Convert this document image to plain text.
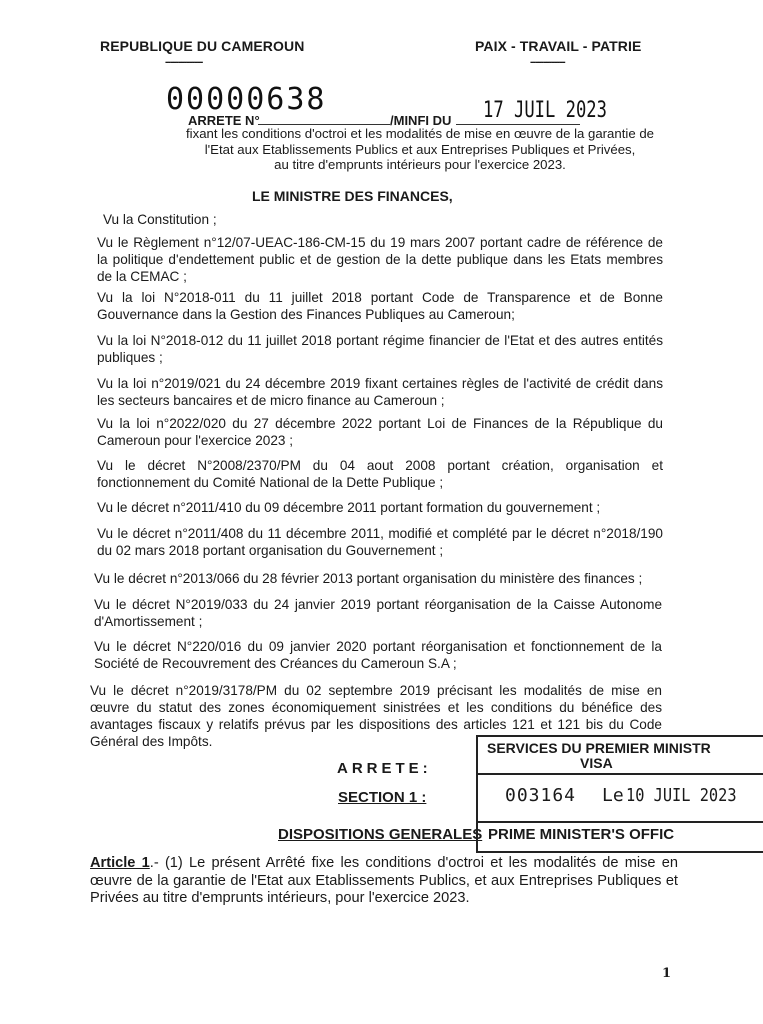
REPUBLIQUE DU CAMEROUN
--------------
PAIX - TRAVAIL - PATRIE
-------------
00000638
ARRETE N°	/MINFI DU 17 JUIL 2023
fixant les conditions d'octroi et les modalités de mise en œuvre de la garantie de
l'Etat aux Etablissements Publics et aux Entreprises Publiques et Privées,
au titre d'emprunts intérieurs pour l'exercice 2023.
LE MINISTRE DES FINANCES,
Vu la Constitution ;
Vu le Règlement n°12/07-UEAC-186-CM-15 du 19 mars 2007 portant cadre de référence de la politique d'endettement public et de gestion de la dette publique dans les Etats membres de la CEMAC ;
Vu la loi N°2018-011 du 11 juillet 2018 portant Code de Transparence et de Bonne Gouvernance dans la Gestion des Finances Publiques au Cameroun;
Vu la loi N°2018-012 du 11 juillet 2018 portant régime financier de l'Etat et des autres entités publiques ;
Vu la loi n°2019/021 du 24 décembre 2019 fixant certaines règles de l'activité de crédit dans les secteurs bancaires et de micro finance au Cameroun ;
Vu la loi n°2022/020 du 27 décembre 2022 portant Loi de Finances de la République du Cameroun pour l'exercice 2023 ;
Vu le décret N°2008/2370/PM du 04 aout 2008 portant création, organisation et fonctionnement du Comité National de la Dette Publique ;
Vu le décret n°2011/410 du 09 décembre 2011 portant formation du gouvernement ;
Vu le décret n°2011/408 du 11 décembre 2011, modifié et complété par le décret n°2018/190 du 02 mars 2018 portant organisation du Gouvernement ;
Vu le décret n°2013/066 du 28 février 2013 portant organisation du ministère des finances ;
Vu le décret N°2019/033 du 24 janvier 2019 portant réorganisation de la Caisse Autonome d'Amortissement ;
Vu le décret N°220/016 du 09 janvier 2020 portant réorganisation et fonctionnement de la Société de Recouvrement des Créances du Cameroun S.A ;
Vu le décret n°2019/3178/PM du 02 septembre 2019 précisant les modalités de mise en œuvre du statut des zones économiquement sinistrées et les conditions du bénéfice des avantages fiscaux y relatifs prévus par les dispositions des articles 121 et 121 bis du Code Général des Impôts.
ARRETE:
SECTION 1 :
DISPOSITIONS GENERALES
SERVICES DU PREMIER MINISTR
VISA
003164 Le 10 JUIL 2023
PRIME MINISTER'S OFFIC
Article 1.- (1) Le présent Arrêté fixe les conditions d'octroi et les modalités de mise en œuvre de la garantie de l'Etat aux Etablissements Publics, et aux Entreprises Publiques et Privées au titre d'emprunts intérieurs, pour l'exercice 2023.
1
